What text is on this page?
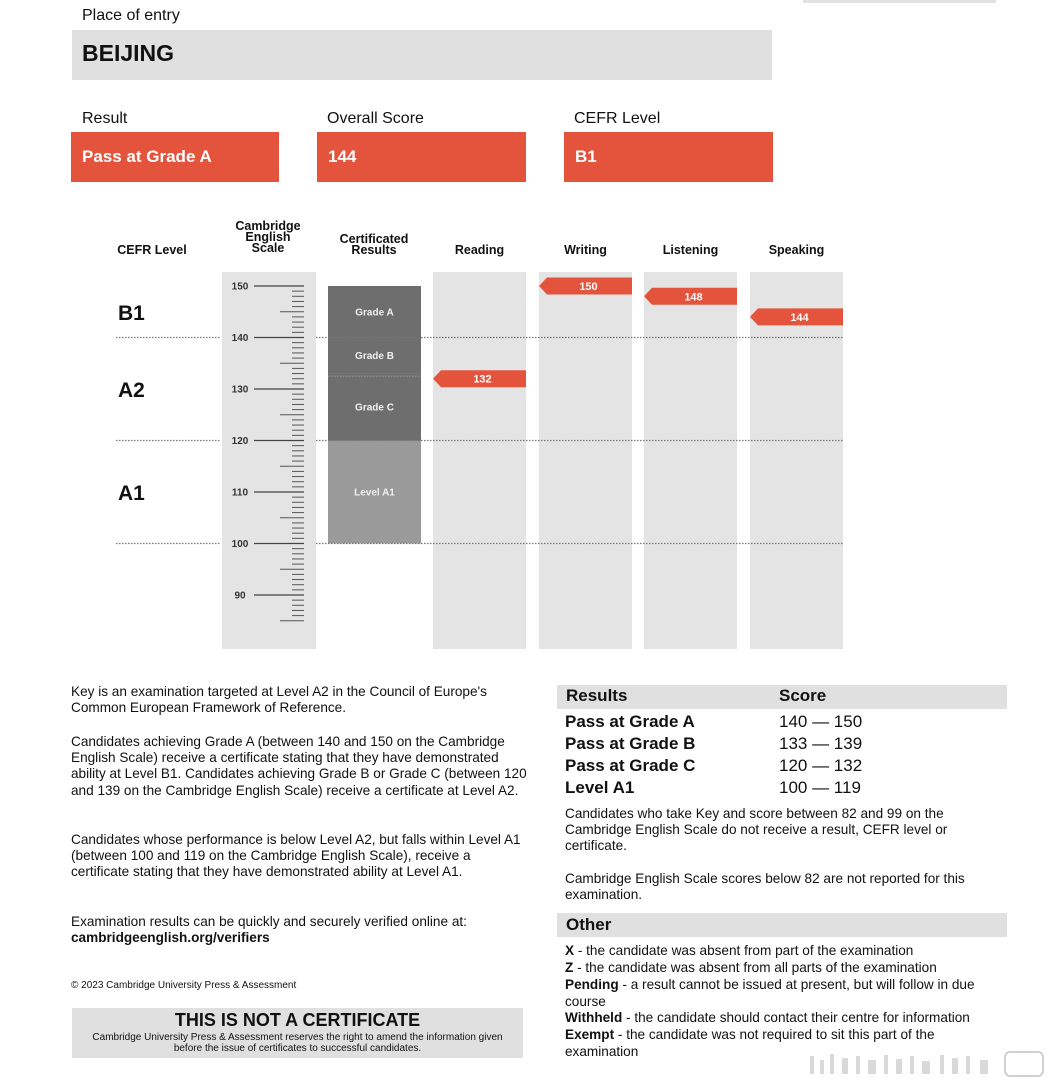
Place of entry
BEIJING
Result	Overall Score	CEFR Level
Pass at Grade A	144	B1
CEFR Level
Cambridge
English
Scale
Certificated
Results	Reading	Writing	Listening	Speaking
Grade A
Grade B
Grade C
Level A1
150
140
130
120
110
100
90
B1
A2
A1
132
150
148
144
Key is an examination targeted at Level A2 in the Council of Europe's Common European Framework of Reference.
Candidates achieving Grade A (between 140 and 150 on the Cambridge English Scale) receive a certificate stating that they have demonstrated ability at Level B1. Candidates achieving Grade B or Grade C (between 120 and 139 on the Cambridge English Scale) receive a certificate at Level A2.
Candidates whose performance is below Level A2, but falls within Level A1 (between 100 and 119 on the Cambridge English Scale), receive a certificate stating that they have demonstrated ability at Level A1.
Examination results can be quickly and securely verified online at:
cambridgeenglish.org/verifiers
Results	Score
Pass at Grade A	140 — 150
Pass at Grade B	133 — 139
Pass at Grade C	120 — 132
Level A1	100 — 119
Candidates who take Key and score between 82 and 99 on the Cambridge English Scale do not receive a result, CEFR level or certificate.
Cambridge English Scale scores below 82 are not reported for this examination.
Other
X - the candidate was absent from part of the examination
Z - the candidate was absent from all parts of the examination
Pending - a result cannot be issued at present, but will follow in due course
Withheld - the candidate should contact their centre for information
Exempt - the candidate was not required to sit this part of the examination
© 2023 Cambridge University Press & Assessment
THIS IS NOT A CERTIFICATE
Cambridge University Press & Assessment reserves the right to amend the information given before the issue of certificates to successful candidates.
